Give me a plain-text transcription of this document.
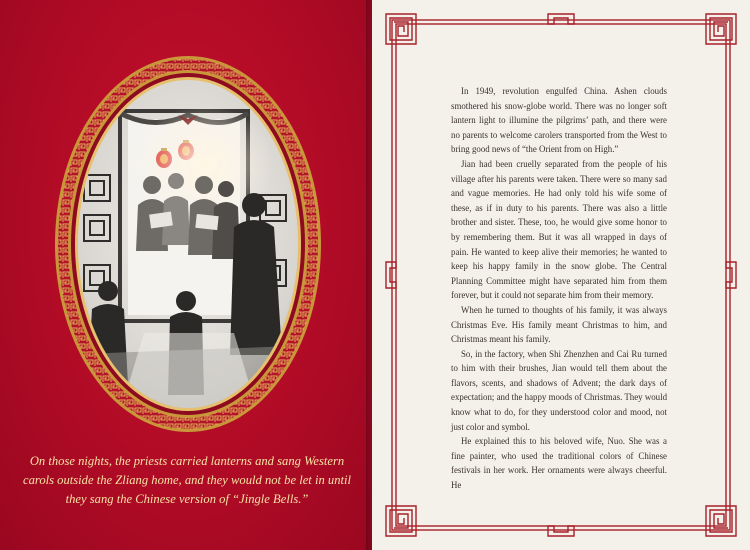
On those nights, the priests carried lanterns and sang Western carols outside the Zliang home, and they would not be let in until they sang the Chinese version of “Jingle Bells.”

In 1949, revolution engulfed China. Ashen clouds smothered his snow-globe world. There was no longer soft lantern light to illumine the pilgrims’ path, and there were no parents to welcome carolers transported from the West to bring good news of “the Orient from on High.”

Jian had been cruelly separated from the people of his village after his parents were taken. There were so many sad and vague memories. He had only told his wife some of these, as if in duty to his parents. There was also a little brother and sister. These, too, he would give some honor to by remembering them. But it was all wrapped in days of pain. He wanted to keep alive their memories; he wanted to keep his happy family in the snow globe. The Central Planning Committee might have separated him from them forever, but it could not separate him from their memory.

When he turned to thoughts of his family, it was always Christmas Eve. His family meant Christmas to him, and Christmas meant his family.

So, in the factory, when Shi Zhenzhen and Cai Ru turned to him with their brushes, Jian would tell them about the flavors, scents, and shadows of Advent; the dark days of expectation; and the happy moods of Christmas. They would know what to do, for they understood color and mood, not just color and symbol.

He explained this to his beloved wife, Nuo. She was a fine painter, who used the traditional colors of Chinese festivals in her work. Her ornaments were always cheerful. He
